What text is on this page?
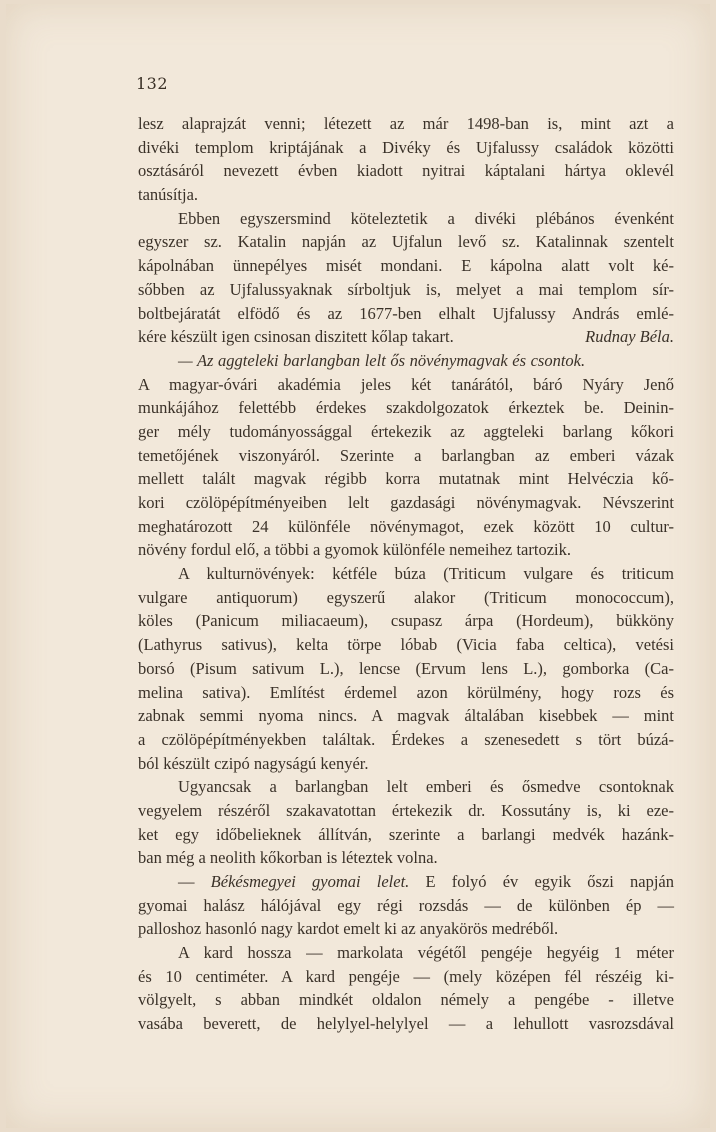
132
lesz alaprajzát venni; létezett az már 1498-ban is, mint azt a
divéki templom kriptájának a Divéky és Ujfalussy családok közötti
osztásáról nevezett évben kiadott nyitrai káptalani hártya oklevél
tanúsítja.
Ebben egyszersmind köteleztetik a divéki plébános évenként
egyszer sz. Katalin napján az Ujfalun levő sz. Katalinnak szentelt
kápolnában ünnepélyes misét mondani. E kápolna alatt volt ké-
sőbben az Ujfalussyaknak sírboltjuk is, melyet a mai templom sír-
boltbejáratát elfödő és az 1677-ben elhalt Ujfalussy András emlé-
kére készült igen csinosan diszitett kőlap takart.	Rudnay Béla.
— Az aggteleki barlangban lelt ős növénymagvak és csontok.
A magyar-óvári akadémia jeles két tanárától, báró Nyáry Jenő
munkájához felettébb érdekes szakdolgozatok érkeztek be. Deinin-
ger mély tudományossággal értekezik az aggteleki barlang kőkori
temetőjének viszonyáról. Szerinte a barlangban az emberi vázak
mellett talált magvak régibb korra mutatnak mint Helvéczia kő-
kori czölöpépítményeiben lelt gazdasági növénymagvak. Névszerint
meghatározott 24 különféle növénymagot, ezek között 10 cultur-
növény fordul elő, a többi a gyomok különféle nemeihez tartozik.
A kulturnövények: kétféle búza (Triticum vulgare és triticum
vulgare antiquorum) egyszerű alakor (Triticum monococcum),
köles (Panicum miliacaeum), csupasz árpa (Hordeum), bükköny
(Lathyrus sativus), kelta törpe lóbab (Vicia faba celtica), vetési
borsó (Pisum sativum L.), lencse (Ervum lens L.), gomborka (Ca-
melina sativa). Említést érdemel azon körülmény, hogy rozs és
zabnak semmi nyoma nincs. A magvak általában kisebbek — mint
a czölöpépítményekben találtak. Érdekes a szenesedett s tört búzá-
ból készült czipó nagyságú kenyér.
Ugyancsak a barlangban lelt emberi és ősmedve csontoknak
vegyelem részéről szakavatottan értekezik dr. Kossutány is, ki eze-
ket egy időbelieknek állítván, szerinte a barlangi medvék hazánk-
ban még a neolith kőkorban is léteztek volna.
— Békésmegyei gyomai lelet. E folyó év egyik őszi napján
gyomai halász hálójával egy régi rozsdás — de különben ép —
palloshoz hasonló nagy kardot emelt ki az anyakörös medréből.
A kard hossza — markolata végétől pengéje hegyéig 1 méter
és 10 centiméter. A kard pengéje — (mely középen fél részéig ki-
völgyelt, s abban mindkét oldalon némely a pengébe - illetve
vasába beverett, de helylyel-helylyel — a lehullott vasrozsdával
